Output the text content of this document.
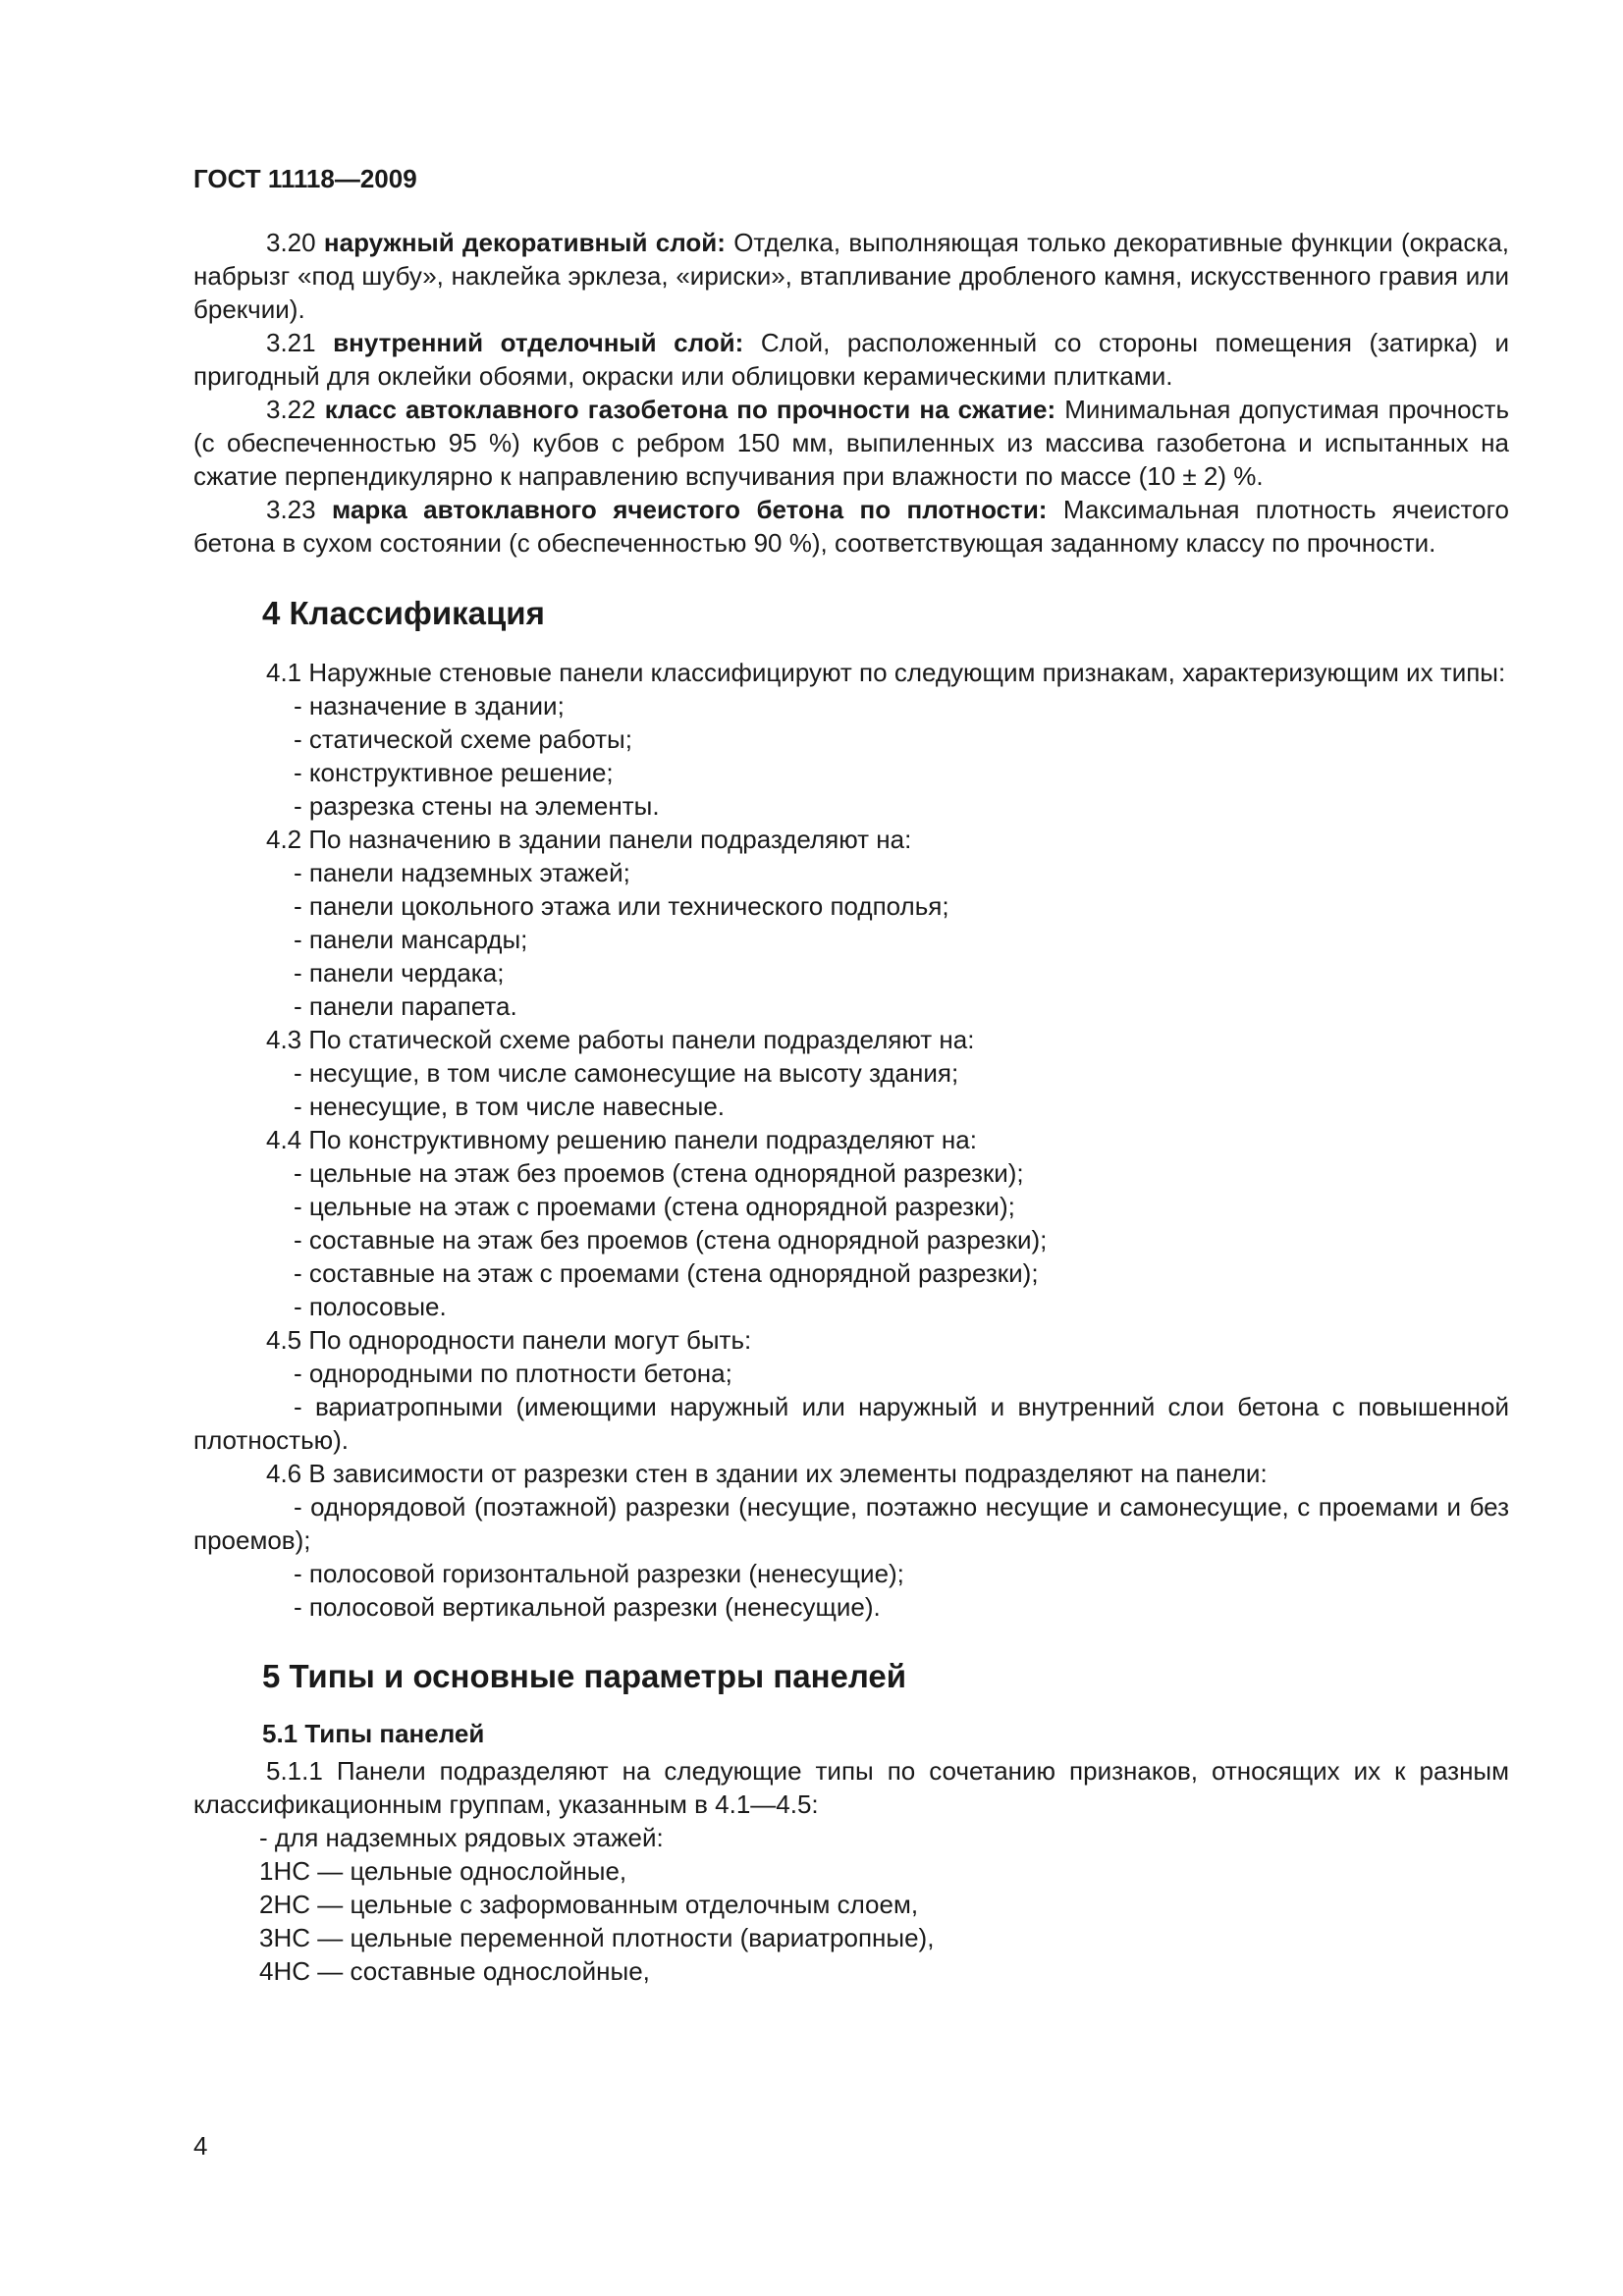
ГОСТ 11118—2009

3.20 наружный декоративный слой: Отделка, выполняющая только декоративные функции (окраска, набрызг «под шубу», наклейка эрклеза, «ириски», втапливание дробленого камня, искусственного гравия или брекчии).

3.21 внутренний отделочный слой: Слой, расположенный со стороны помещения (затирка) и пригодный для оклейки обоями, окраски или облицовки керамическими плитками.

3.22 класс автоклавного газобетона по прочности на сжатие: Минимальная допустимая прочность (с обеспеченностью 95 %) кубов с ребром 150 мм, выпиленных из массива газобетона и испытанных на сжатие перпендикулярно к направлению вспучивания при влажности по массе (10 ± 2) %.

3.23 марка автоклавного ячеистого бетона по плотности: Максимальная плотность ячеистого бетона в сухом состоянии (с обеспеченностью 90 %), соответствующая заданному классу по прочности.

4 Классификация

4.1 Наружные стеновые панели классифицируют по следующим признакам, характеризующим их типы:

- назначение в здании;

- статической схеме работы;

- конструктивное решение;

- разрезка стены на элементы.

4.2 По назначению в здании панели подразделяют на:

- панели надземных этажей;

- панели цокольного этажа или технического подполья;

- панели мансарды;

- панели чердака;

- панели парапета.

4.3 По статической схеме работы панели подразделяют на:

- несущие, в том числе самонесущие на высоту здания;

- ненесущие, в том числе навесные.

4.4 По конструктивному решению панели подразделяют на:

- цельные на этаж без проемов (стена однорядной разрезки);

- цельные на этаж с проемами (стена однорядной разрезки);

- составные на этаж без проемов (стена однорядной разрезки);

- составные на этаж с проемами (стена однорядной разрезки);

- полосовые.

4.5 По однородности панели могут быть:

- однородными по плотности бетона;

- вариатропными (имеющими наружный или наружный и внутренний слои бетона с повышенной плотностью).

4.6 В зависимости от разрезки стен в здании их элементы подразделяют на панели:

- однорядовой (поэтажной) разрезки (несущие, поэтажно несущие и самонесущие, с проемами и без проемов);

- полосовой горизонтальной разрезки (ненесущие);

- полосовой вертикальной разрезки (ненесущие).

5 Типы и основные параметры панелей
5.1 Типы панелей

5.1.1 Панели подразделяют на следующие типы по сочетанию признаков, относящих их к разным классификационным группам, указанным в 4.1—4.5:

- для надземных рядовых этажей:

1НС — цельные однослойные,

2НС — цельные с заформованным отделочным слоем,

3НС — цельные переменной плотности (вариатропные),

4НС — составные однослойные,

4
